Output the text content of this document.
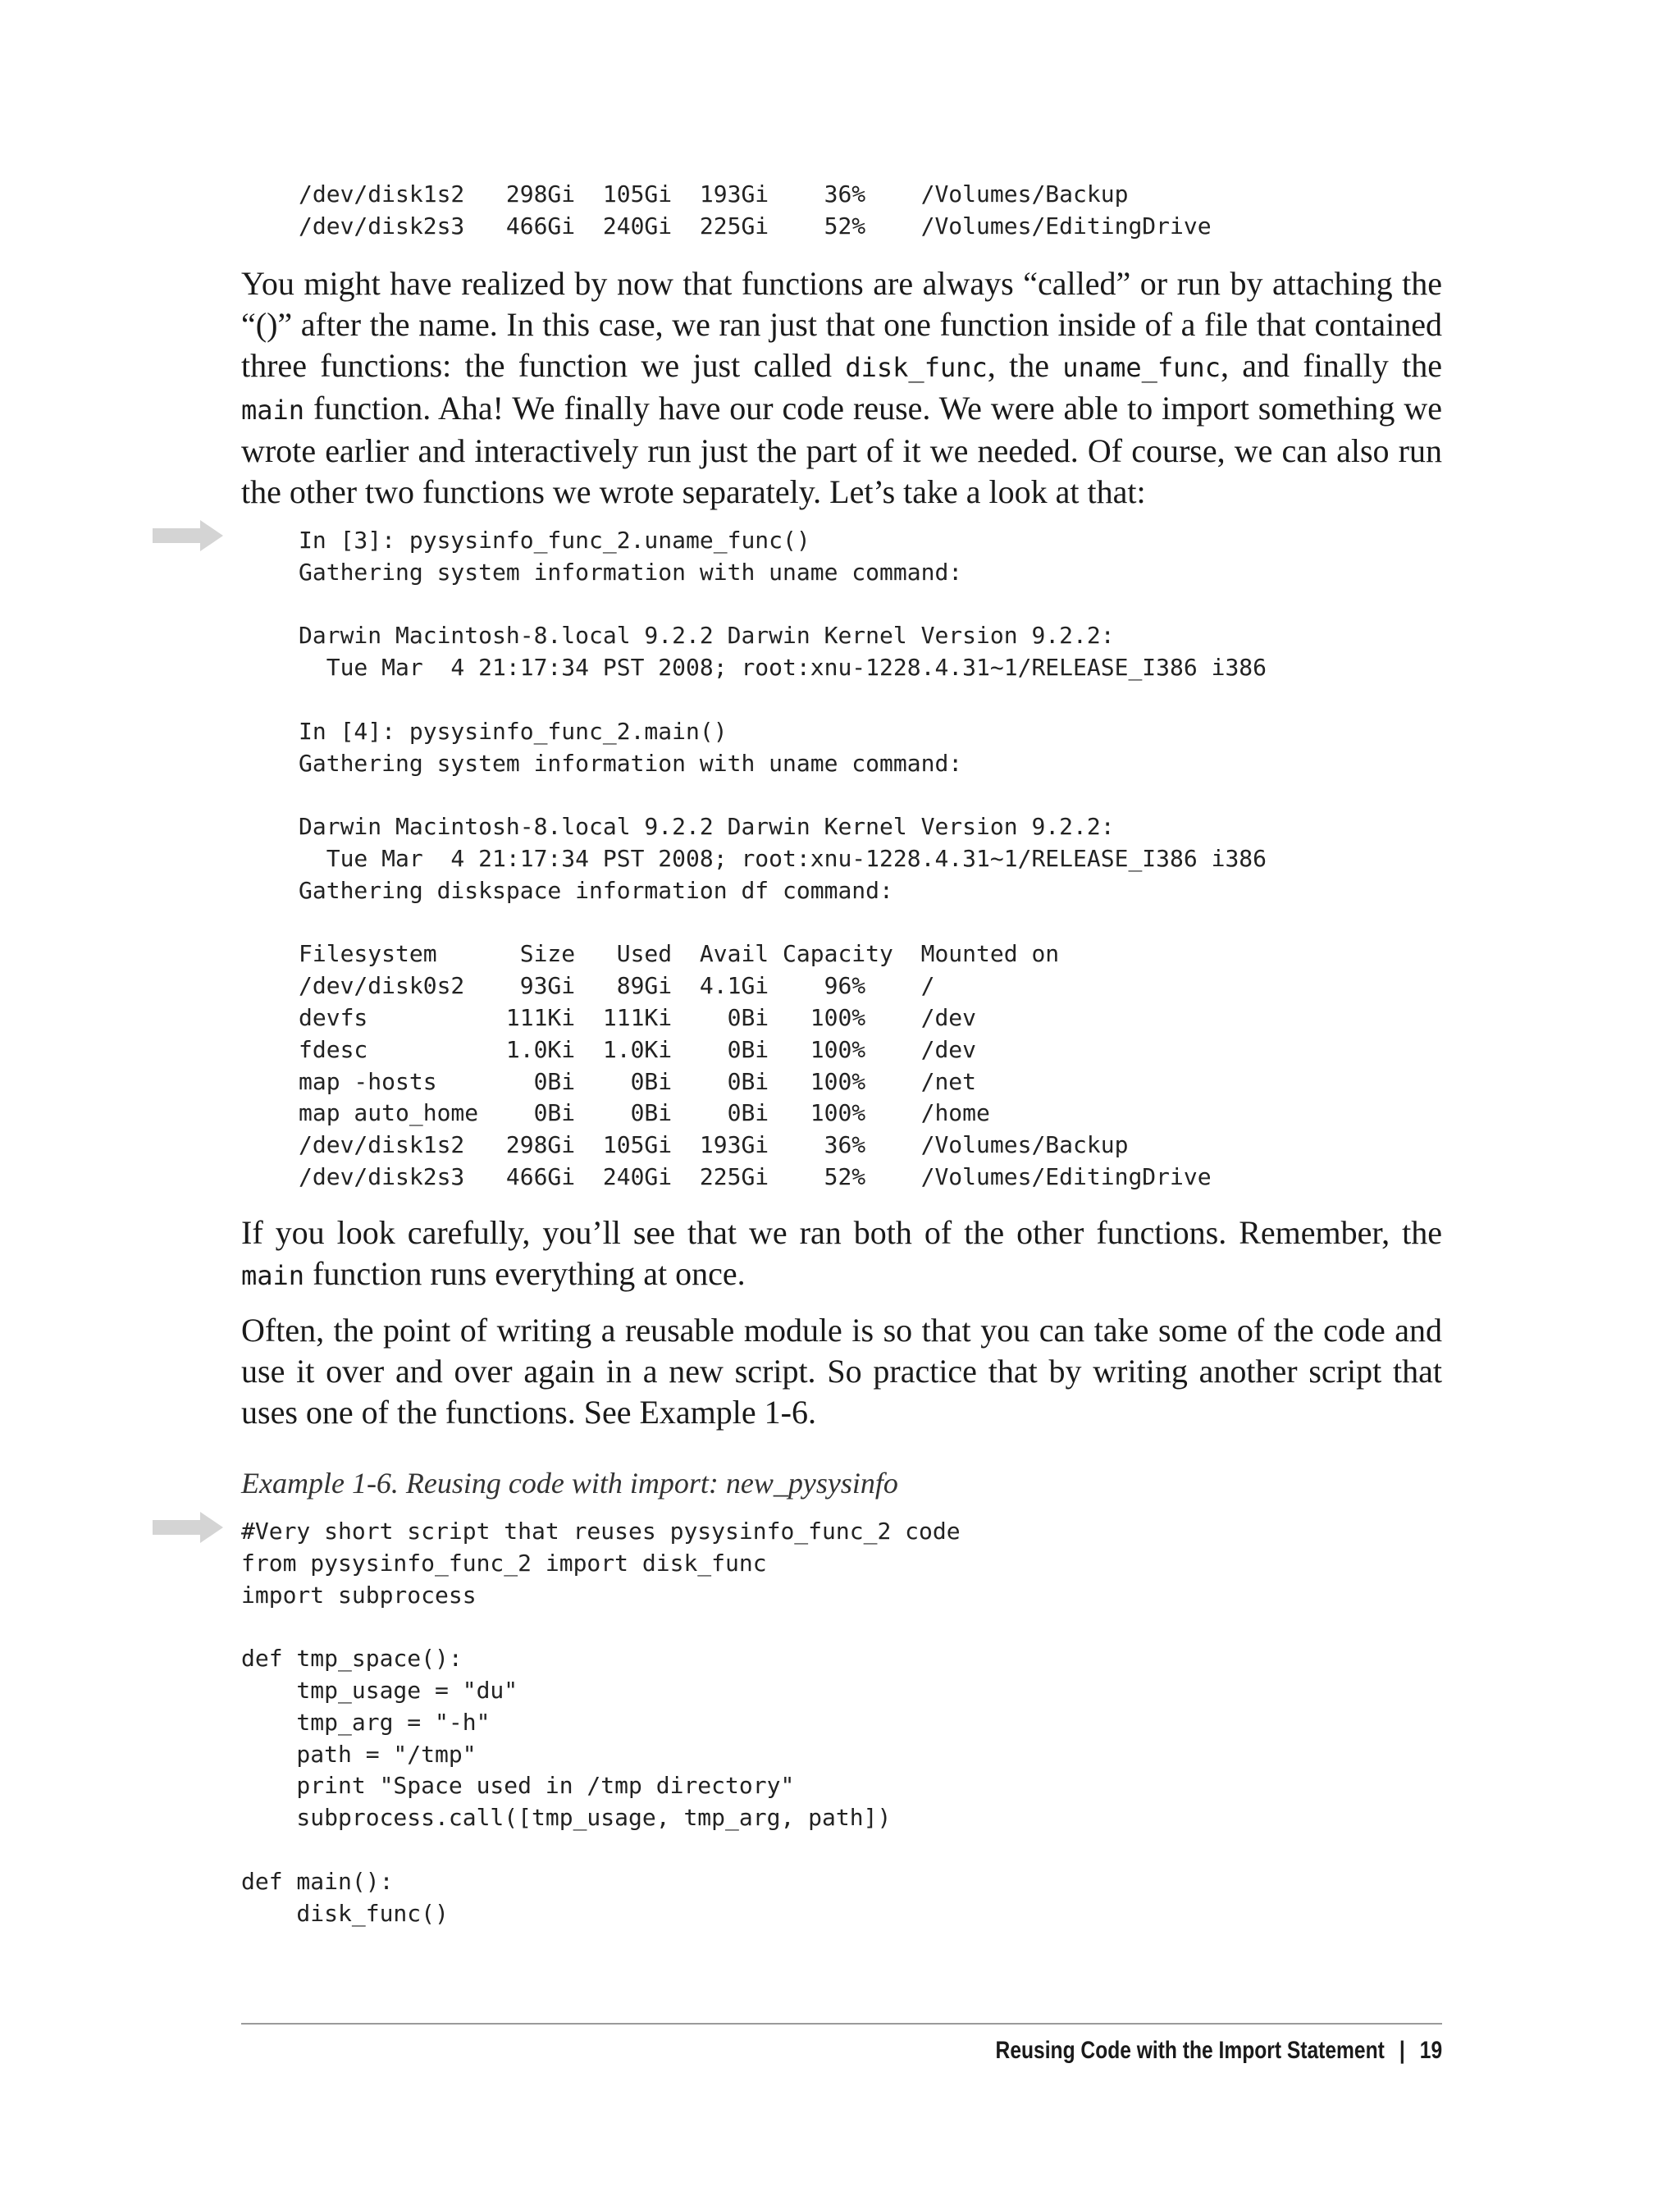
/dev/disk1s2   298Gi  105Gi  193Gi    36%    /Volumes/Backup
/dev/disk2s3   466Gi  240Gi  225Gi    52%    /Volumes/EditingDrive

You might have realized by now that functions are always “called” or run by attaching the “()” after the name. In this case, we ran just that one function inside of a file that contained three functions: the function we just called disk_func, the uname_func, and finally the main function. Aha! We finally have our code reuse. We were able to import something we wrote earlier and interactively run just the part of it we needed. Of course, we can also run the other two functions we wrote separately. Let’s take a look at that:

In [3]: pysysinfo_func_2.uname_func()
Gathering system information with uname command:

Darwin Macintosh-8.local 9.2.2 Darwin Kernel Version 9.2.2:
Tue Mar  4 21:17:34 PST 2008; root:xnu-1228.4.31~1/RELEASE_I386 i386

In [4]: pysysinfo_func_2.main()
Gathering system information with uname command:

Darwin Macintosh-8.local 9.2.2 Darwin Kernel Version 9.2.2:
Tue Mar  4 21:17:34 PST 2008; root:xnu-1228.4.31~1/RELEASE_I386 i386
Gathering diskspace information df command:

Filesystem      Size   Used  Avail Capacity  Mounted on
/dev/disk0s2    93Gi   89Gi  4.1Gi    96%    /
devfs          111Ki  111Ki    0Bi   100%    /dev
fdesc          1.0Ki  1.0Ki    0Bi   100%    /dev
map -hosts       0Bi    0Bi    0Bi   100%    /net
map auto_home    0Bi    0Bi    0Bi   100%    /home
/dev/disk1s2   298Gi  105Gi  193Gi    36%    /Volumes/Backup
/dev/disk2s3   466Gi  240Gi  225Gi    52%    /Volumes/EditingDrive

If you look carefully, you’ll see that we ran both of the other functions. Remember, the main function runs everything at once.

Often, the point of writing a reusable module is so that you can take some of the code and use it over and over again in a new script. So practice that by writing another script that uses one of the functions. See Example 1-6.

Example 1-6. Reusing code with import: new_pysysinfo

#Very short script that reuses pysysinfo_func_2 code
from pysysinfo_func_2 import disk_func
import subprocess

def tmp_space():
tmp_usage = "du"
tmp_arg = "-h"
path = "/tmp"
print "Space used in /tmp directory"
subprocess.call([tmp_usage, tmp_arg, path])

def main():
disk_func()

Reusing Code with the Import Statement | 19
